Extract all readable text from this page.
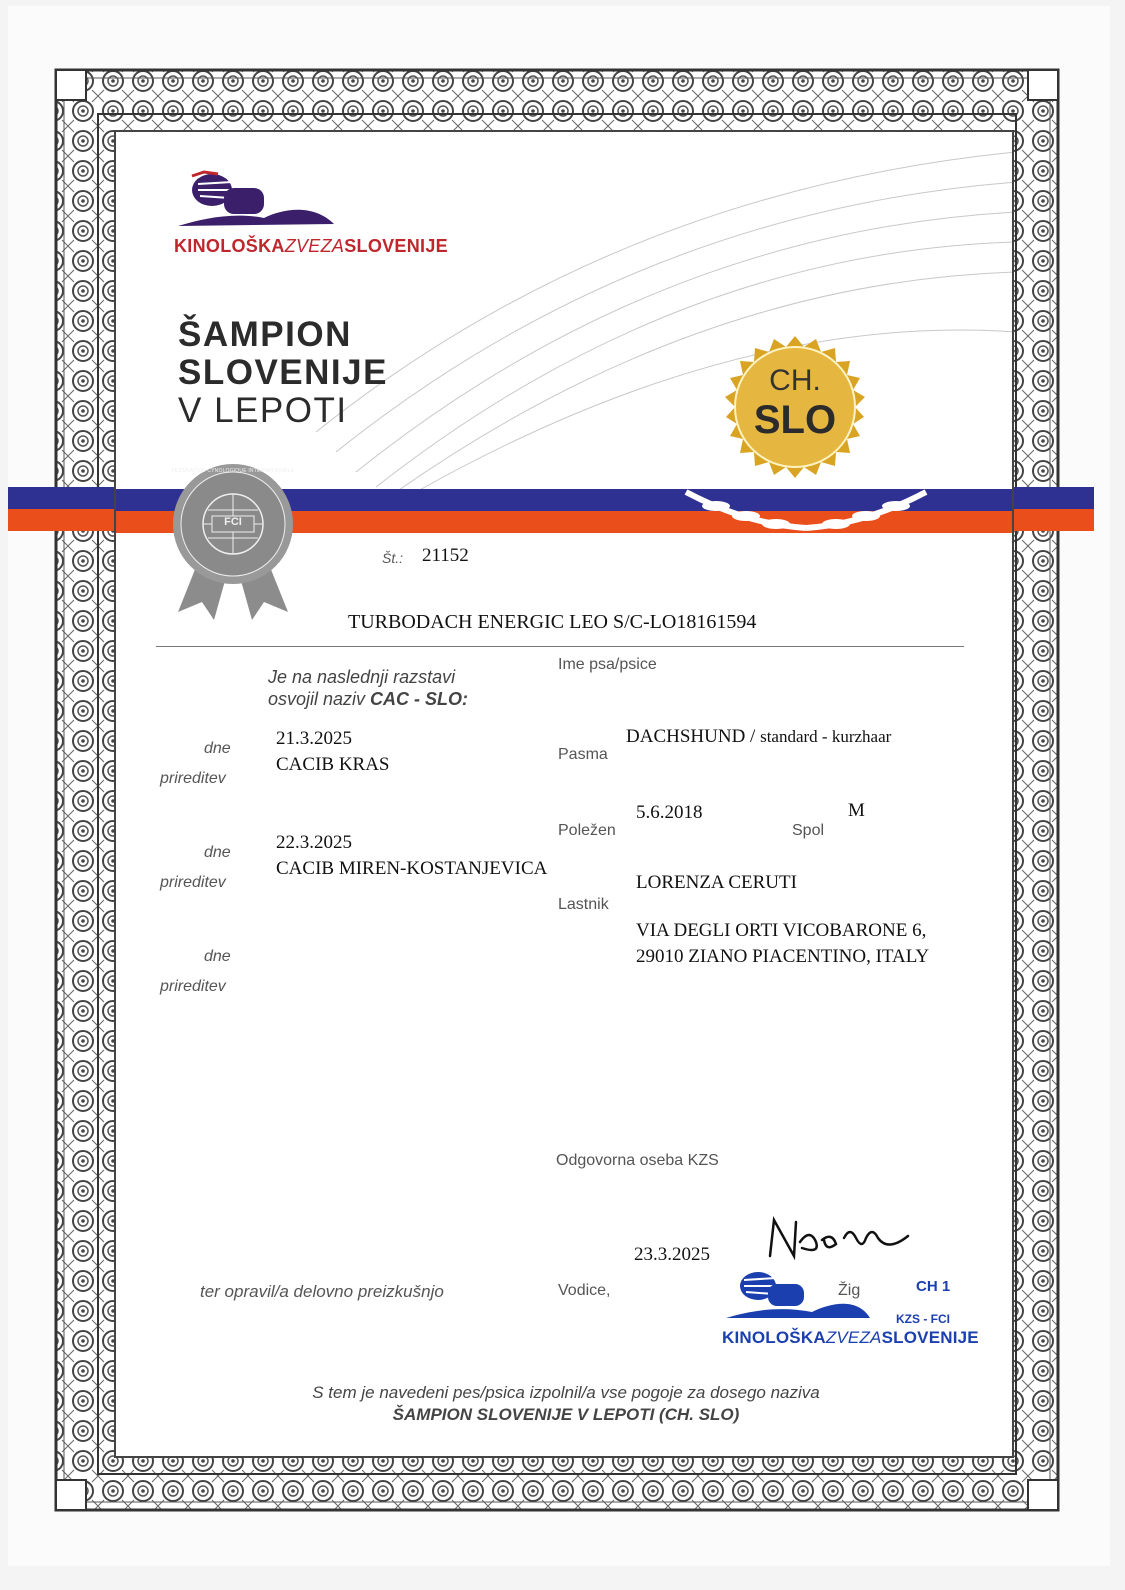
KINOLOŠKAZVEZASLOVENIJE
ŠAMPION
SLOVENIJE
V LEPOTI
CH.
SLO
FCI
FEDERATION CYNOLOGIQUE INTERNATIONALE
Št.: 21152
TURBODACH ENERGIC LEO S/C-LO18161594
Ime psa/psice
Je na naslednji razstavi
osvojil naziv CAC - SLO:
dne
prireditev
21.3.2025
CACIB KRAS
dne
prireditev
22.3.2025
CACIB MIREN-KOSTANJEVICA
dne
prireditev
Pasma
DACHSHUND / standard - kurzhaar
Poležen
5.6.2018
Spol
M
Lastnik
LORENZA CERUTI
VIA DEGLI ORTI VICOBARONE 6,
29010 ZIANO PIACENTINO, ITALY
Odgovorna oseba KZS
23.3.2025
ter opravil/a delovno preizkušnjo	Vodice,	Žig	CH 1
KZS - FCI
KINOLOŠKAZVEZASLOVENIJE
S tem je navedeni pes/psica izpolnil/a vse pogoje za dosego naziva
ŠAMPION SLOVENIJE V LEPOTI (CH. SLO)
